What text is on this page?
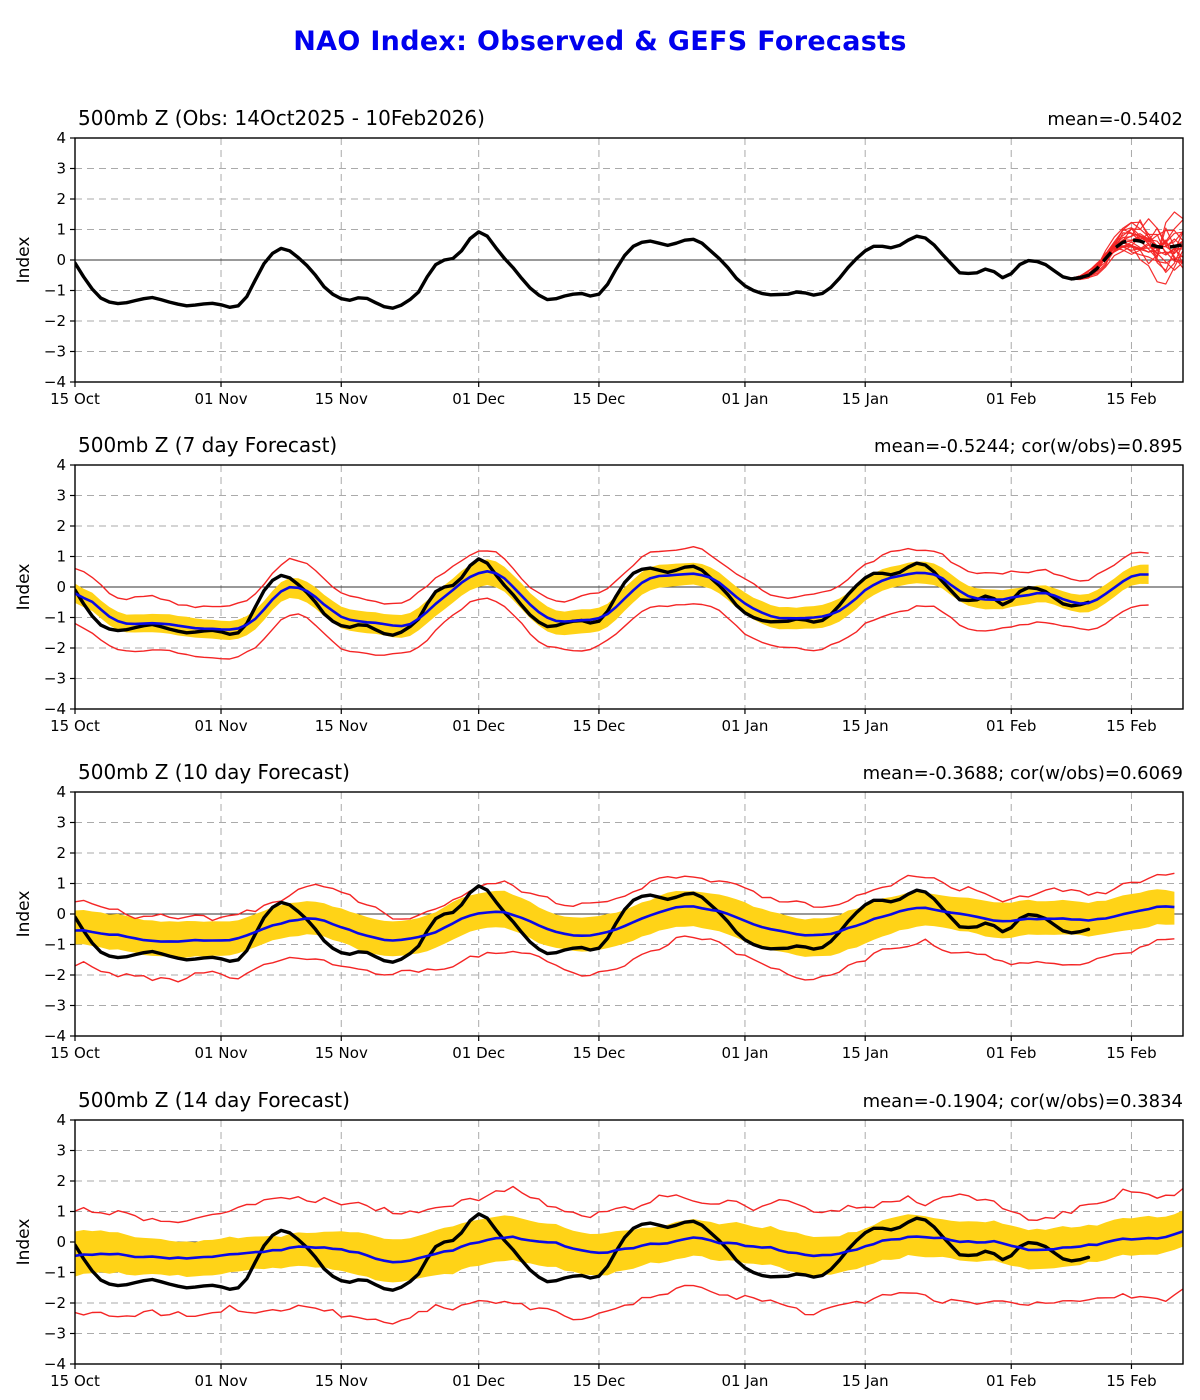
NAO Index: Observed & GEFS Forecasts
15 Oct	01 Nov	15 Nov	01 Dec	15 Dec	01 Jan	15 Jan	01 Feb	15 Feb
4
3
2
1
0
−1
−2
−3
−4
15 Oct	01 Nov	15 Nov	01 Dec	15 Dec	01 Jan	15 Jan	01 Feb	15 Feb
4
3
2
1
0
−1
−2
−3
−4
15 Oct	01 Nov	15 Nov	01 Dec	15 Dec	01 Jan	15 Jan	01 Feb	15 Feb
4
3
2
1
0
−1
−2
−3
−4
15 Oct	01 Nov	15 Nov	01 Dec	15 Dec	01 Jan	15 Jan	01 Feb	15 Feb
4
3
2
1
0
−1
−2
−3
−4
500mb Z (Obs: 14Oct2025 - 10Feb2026)	mean=-0.5402
Index
500mb Z (7 day Forecast)	mean=-0.5244; cor(w/obs)=0.895
Index
500mb Z (10 day Forecast)	mean=-0.3688; cor(w/obs)=0.6069
Index
500mb Z (14 day Forecast)	mean=-0.1904; cor(w/obs)=0.3834
Index
